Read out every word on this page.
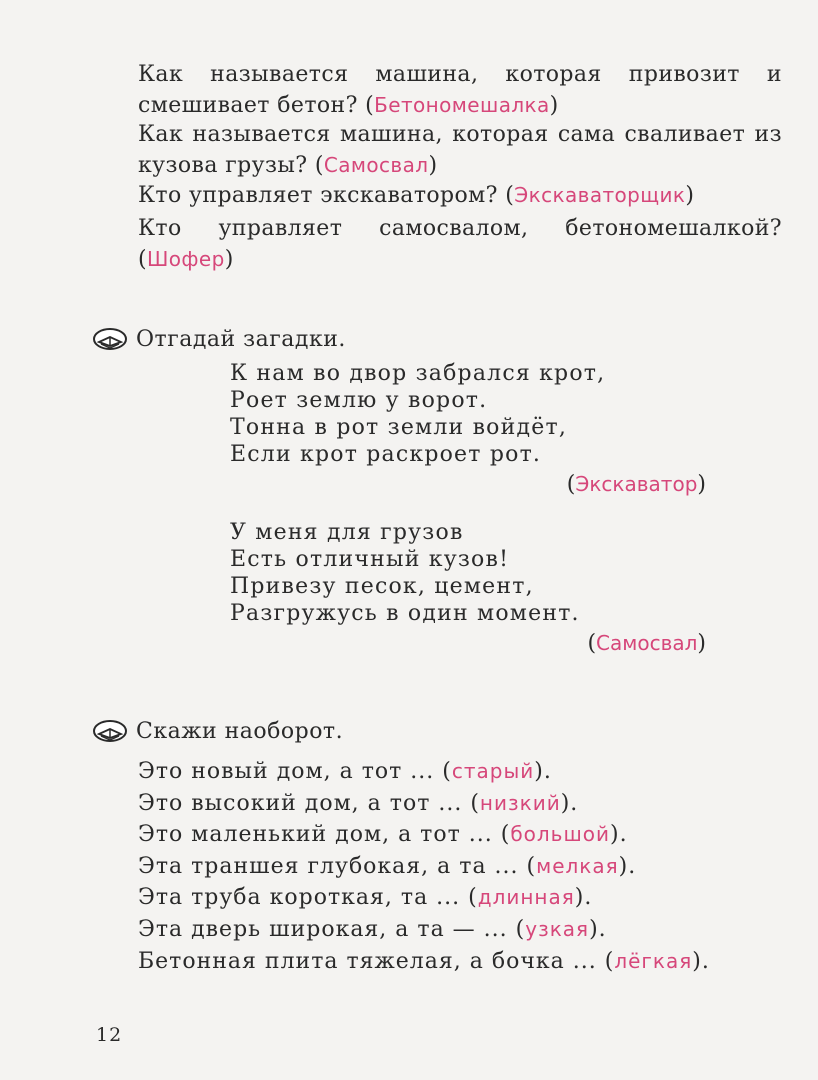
Как называется машина, которая привозит и смешивает бетон? (Бетономешалка)
Как называется машина, которая сама сваливает из кузова грузы? (Самосвал)
Кто управляет экскаватором? (Экскаваторщик)
Кто управляет самосвалом, бетономешалкой? (Шофер)
Отгадай загадки.
К нам во двор забрался крот,
Роет землю у ворот.
Тонна в рот земли войдёт,
Если крот раскроет рот.
(Экскаватор)
У меня для грузов
Есть отличный кузов!
Привезу песок, цемент,
Разгружусь в один момент.
(Самосвал)
Скажи наоборот.
Это новый дом, а тот ... (старый).
Это высокий дом, а тот ... (низкий).
Это маленький дом, а тот ... (большой).
Эта траншея глубокая, а та ... (мелкая).
Эта труба короткая, та ... (длинная).
Эта дверь широкая, а та — ... (узкая).
Бетонная плита тяжелая, а бочка ... (лёгкая).
12
